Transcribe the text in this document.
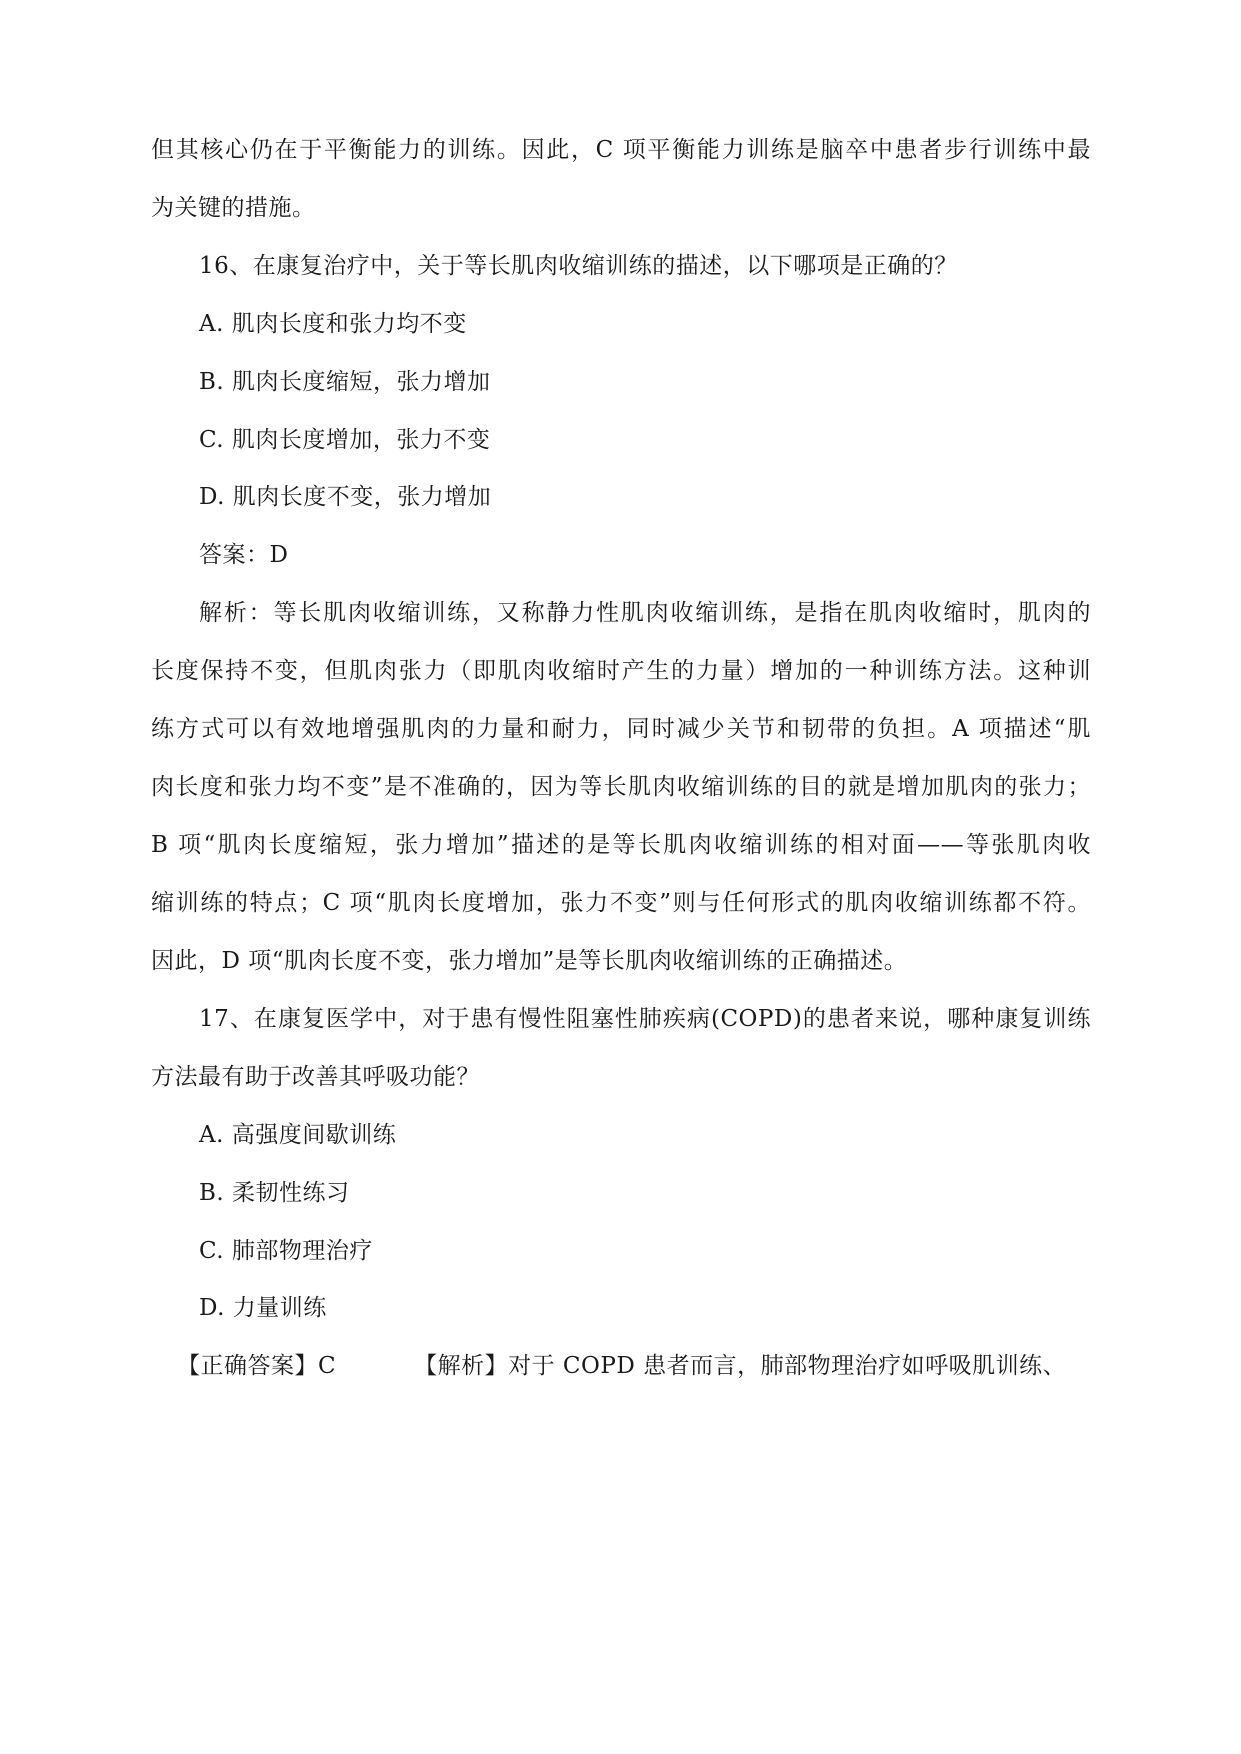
但其核心仍在于平衡能力的训练。因此，C 项平衡能力训练是脑卒中患者步行训练中最
为关键的措施。
16、在康复治疗中，关于等长肌肉收缩训练的描述，以下哪项是正确的？
A. 肌肉长度和张力均不变
B. 肌肉长度缩短，张力增加
C. 肌肉长度增加，张力不变
D. 肌肉长度不变，张力增加
答案：D
解析：等长肌肉收缩训练，又称静力性肌肉收缩训练，是指在肌肉收缩时，肌肉的
长度保持不变，但肌肉张力（即肌肉收缩时产生的力量）增加的一种训练方法。这种训
练方式可以有效地增强肌肉的力量和耐力，同时减少关节和韧带的负担。A 项描述“肌
肉长度和张力均不变”是不准确的，因为等长肌肉收缩训练的目的就是增加肌肉的张力；
B 项“肌肉长度缩短，张力增加”描述的是等长肌肉收缩训练的相对面——等张肌肉收
缩训练的特点；C 项“肌肉长度增加，张力不变”则与任何形式的肌肉收缩训练都不符。
因此，D 项“肌肉长度不变，张力增加”是等长肌肉收缩训练的正确描述。
17、在康复医学中，对于患有慢性阻塞性肺疾病(COPD)的患者来说，哪种康复训练
方法最有助于改善其呼吸功能？
A. 高强度间歇训练
B. 柔韧性练习
C. 肺部物理治疗
D. 力量训练
【正确答案】C	【解析】对于 COPD 患者而言，肺部物理治疗如呼吸肌训练、
